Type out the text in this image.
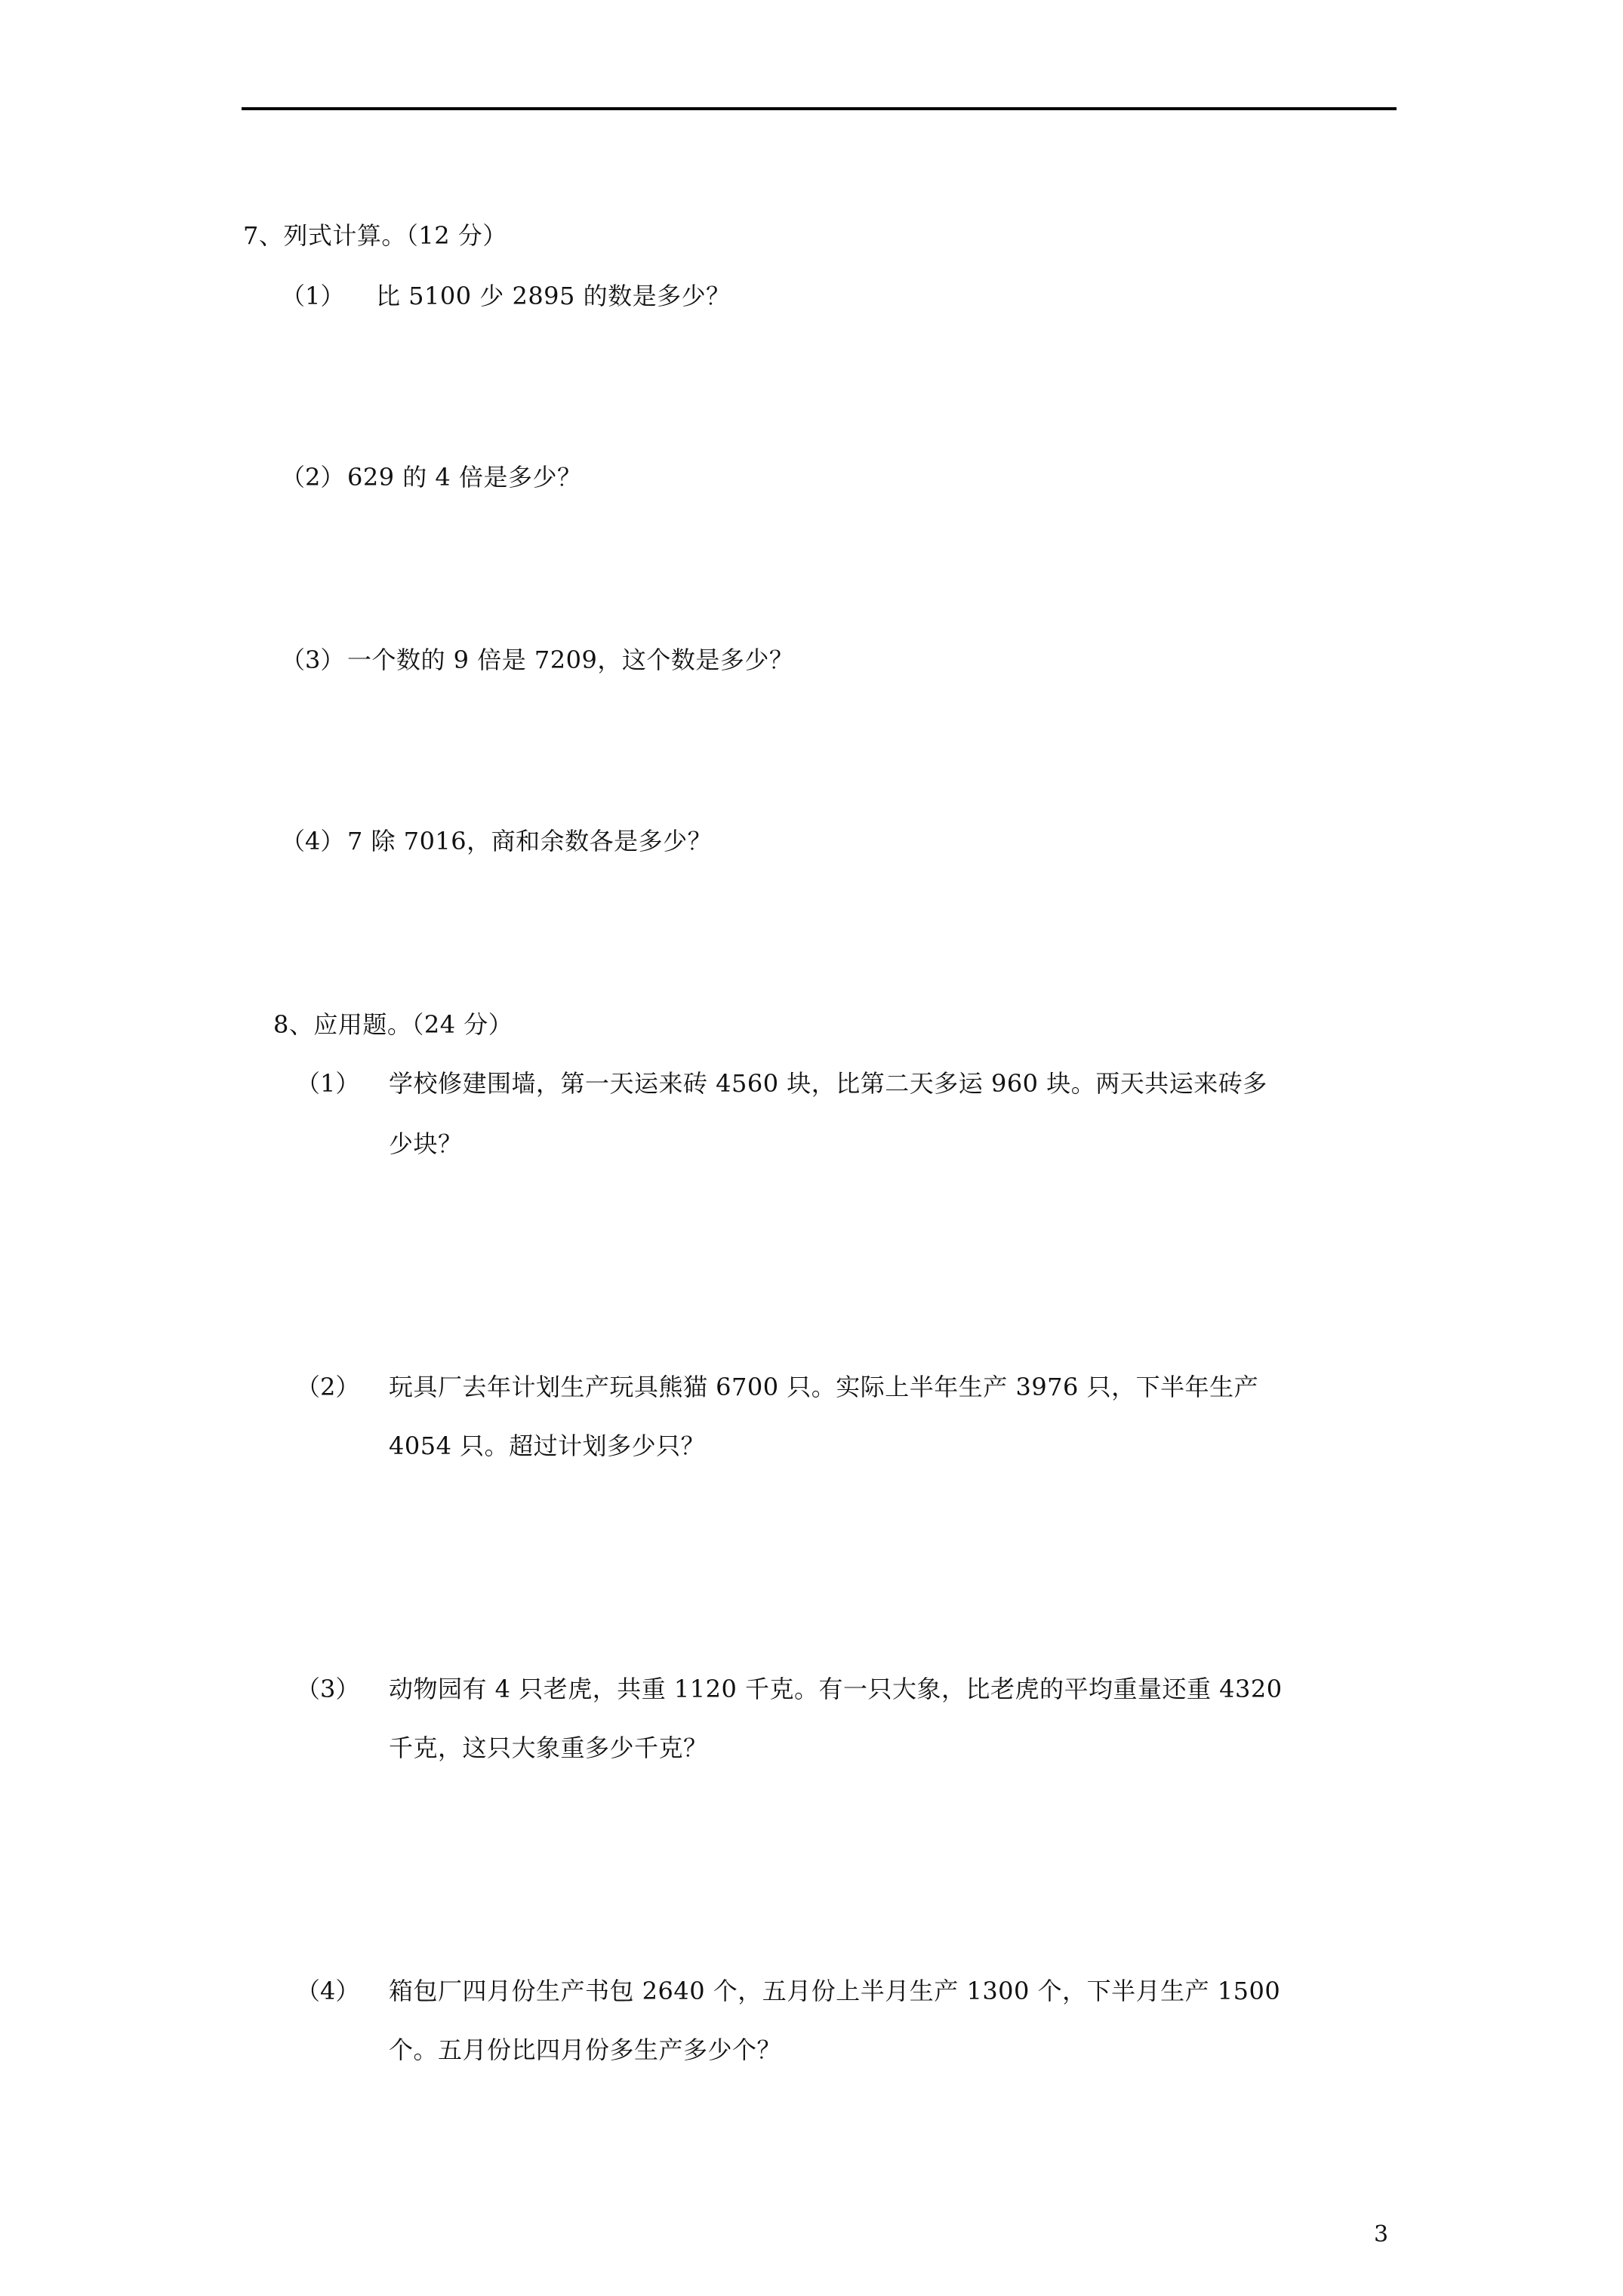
7、列式计算。（12 分）
（1） 比 5100 少 2895 的数是多少？
（2） 629 的 4 倍是多少？
（3） 一个数的 9 倍是 7209，这个数是多少？
（4） 7 除 7016，商和余数各是多少？
8、应用题。（24 分）
（1） 学校修建围墙，第一天运来砖 4560 块，比第二天多运 960 块。两天共运来砖多
少块？
（2） 玩具厂去年计划生产玩具熊猫 6700 只。实际上半年生产 3976 只，下半年生产
4054 只。超过计划多少只？
（3） 动物园有 4 只老虎，共重 1120 千克。有一只大象，比老虎的平均重量还重 4320
千克，这只大象重多少千克？
（4） 箱包厂四月份生产书包 2640 个，五月份上半月生产 1300 个，下半月生产 1500
个。五月份比四月份多生产多少个？
3
